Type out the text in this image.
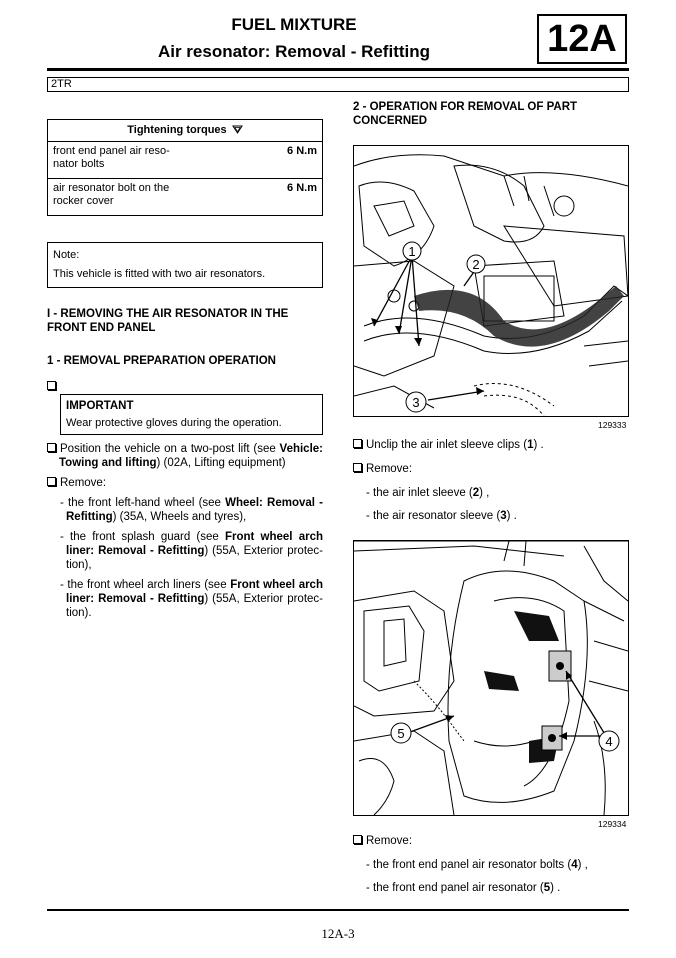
FUEL MIXTURE
Air resonator: Removal - Refitting	12A
2TR
Tightening torques	

front end panel air reso-
nator bolts	6 N.m

air resonator bolt on the
rocker cover	6 N.m
Note:
This vehicle is fitted with two air resonators.
I - REMOVING THE AIR RESONATOR IN THE
FRONT END PANEL
1 - REMOVAL PREPARATION OPERATION
IMPORTANT
Wear protective gloves during the operation.
Position the vehicle on a two-post lift (see Vehicle:
Towing and lifting) (02A, Lifting equipment)
Remove:
- the front left-hand wheel (see Wheel: Removal -
Refitting) (35A, Wheels and tyres),
- the front splash guard (see Front wheel arch
liner: Removal - Refitting) (55A, Exterior protec-
tion),
- the front wheel arch liners (see Front wheel arch
liner: Removal - Refitting) (55A, Exterior protec-
tion).
2 - OPERATION FOR REMOVAL OF PART
CONCERNED
1
2
3
129333
Unclip the air inlet sleeve clips (1) .
Remove:
- the air inlet sleeve (2) ,
- the air resonator sleeve (3) .
4
5
129334
Remove:
- the front end panel air resonator bolts (4) ,
- the front end panel air resonator (5) .
12A-3
